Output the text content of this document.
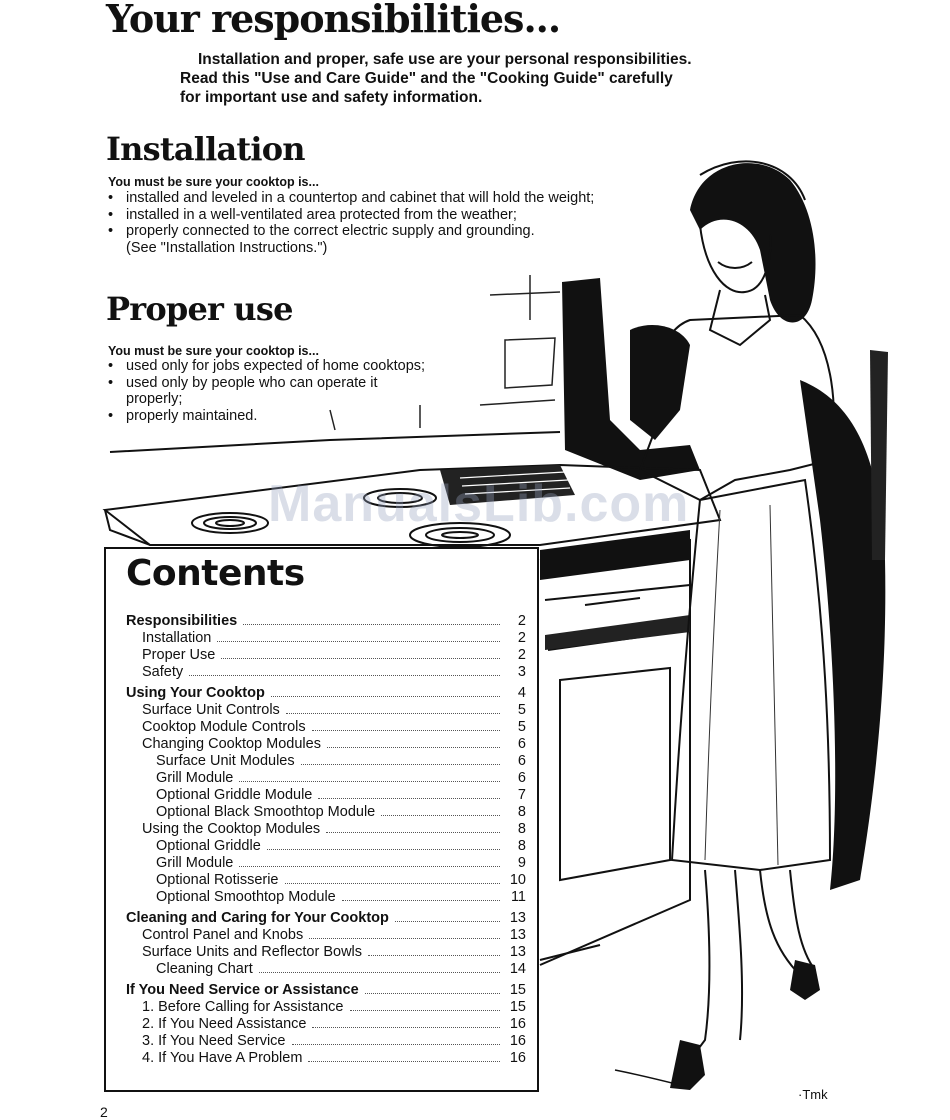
Your responsibilities...

Installation and proper, safe use are your personal responsibilities.
Read this "Use and Care Guide" and the "Cooking Guide" carefully
for important use and safety information.

Installation

You must be sure your cooktop is...

• installed and leveled in a countertop and cabinet that will hold the weight;
• installed in a well-ventilated area protected from the weather;
• properly connected to the correct electric supply and grounding. (See "Installation Instructions.")
Proper use

You must be sure your cooktop is...

• used only for jobs expected of home cooktops;
• used only by people who can operate it properly;
• properly maintained.
ManualsLib.com
Contents
Responsibilities	2
Installation	2
Proper Use	2
Safety	3
Using Your Cooktop	4
Surface Unit Controls	5
Cooktop Module Controls	5
Changing Cooktop Modules	6
Surface Unit Modules	6
Grill Module	6
Optional Griddle Module	7
Optional Black Smoothtop Module	8
Using the Cooktop Modules	8
Optional Griddle	8
Grill Module	9
Optional Rotisserie	10
Optional Smoothtop Module	11
Cleaning and Caring for Your Cooktop	13
Control Panel and Knobs	13
Surface Units and Reflector Bowls	13
Cleaning Chart	14
If You Need Service or Assistance	15
1. Before Calling for Assistance	15
2. If You Need Assistance	16
3. If You Need Service	16
4. If You Have A Problem	16
·Tmk
2
